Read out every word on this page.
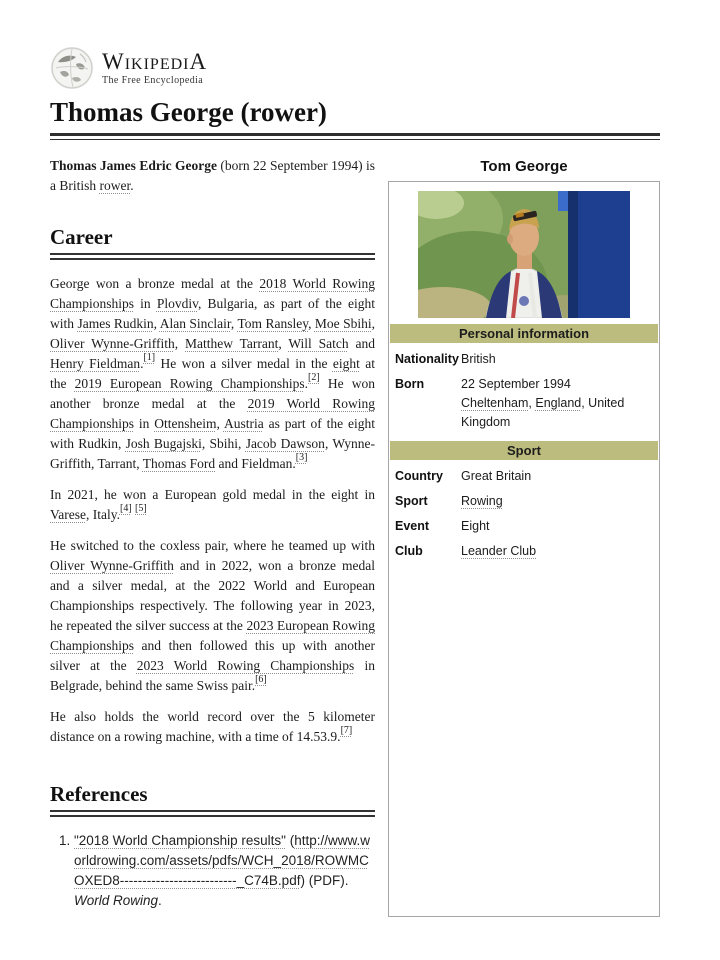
WikipediA
The Free Encyclopedia
Thomas George (rower)

Thomas James Edric George (born 22 September 1994) is a British rower.

Career

George won a bronze medal at the 2018 World Rowing Championships in Plovdiv, Bulgaria, as part of the eight with James Rudkin, Alan Sinclair, Tom Ransley, Moe Sbihi, Oliver Wynne-Griffith, Matthew Tarrant, Will Satch and Henry Fieldman.[1] He won a silver medal in the eight at the 2019 European Rowing Championships.[2] He won another bronze medal at the 2019 World Rowing Championships in Ottensheim, Austria as part of the eight with Rudkin, Josh Bugajski, Sbihi, Jacob Dawson, Wynne-Griffith, Tarrant, Thomas Ford and Fieldman.[3]

In 2021, he won a European gold medal in the eight in Varese, Italy.[4] [5]

He switched to the coxless pair, where he teamed up with Oliver Wynne-Griffith and in 2022, won a bronze medal and a silver medal, at the 2022 World and European Championships respectively. The following year in 2023, he repeated the silver success at the 2023 European Rowing Championships and then followed this up with another silver at the 2023 World Rowing Championships in Belgrade, behind the same Swiss pair.[6]

He also holds the world record over the 5 kilometer distance on a rowing machine, with a time of 14.53.9.[7]

References
1. "2018 World Championship results" (http://www.worldrowing.com/assets/pdfs/WCH_2018/ROWMCOXED8--------------------------_C74B.pdf) (PDF). World Rowing.
Tom George
Personal information
Nationality British
Born	22 September 1994
Cheltenham, England, United Kingdom
Sport
Country	Great Britain
Sport	Rowing
Event	Eight
Club	Leander Club
